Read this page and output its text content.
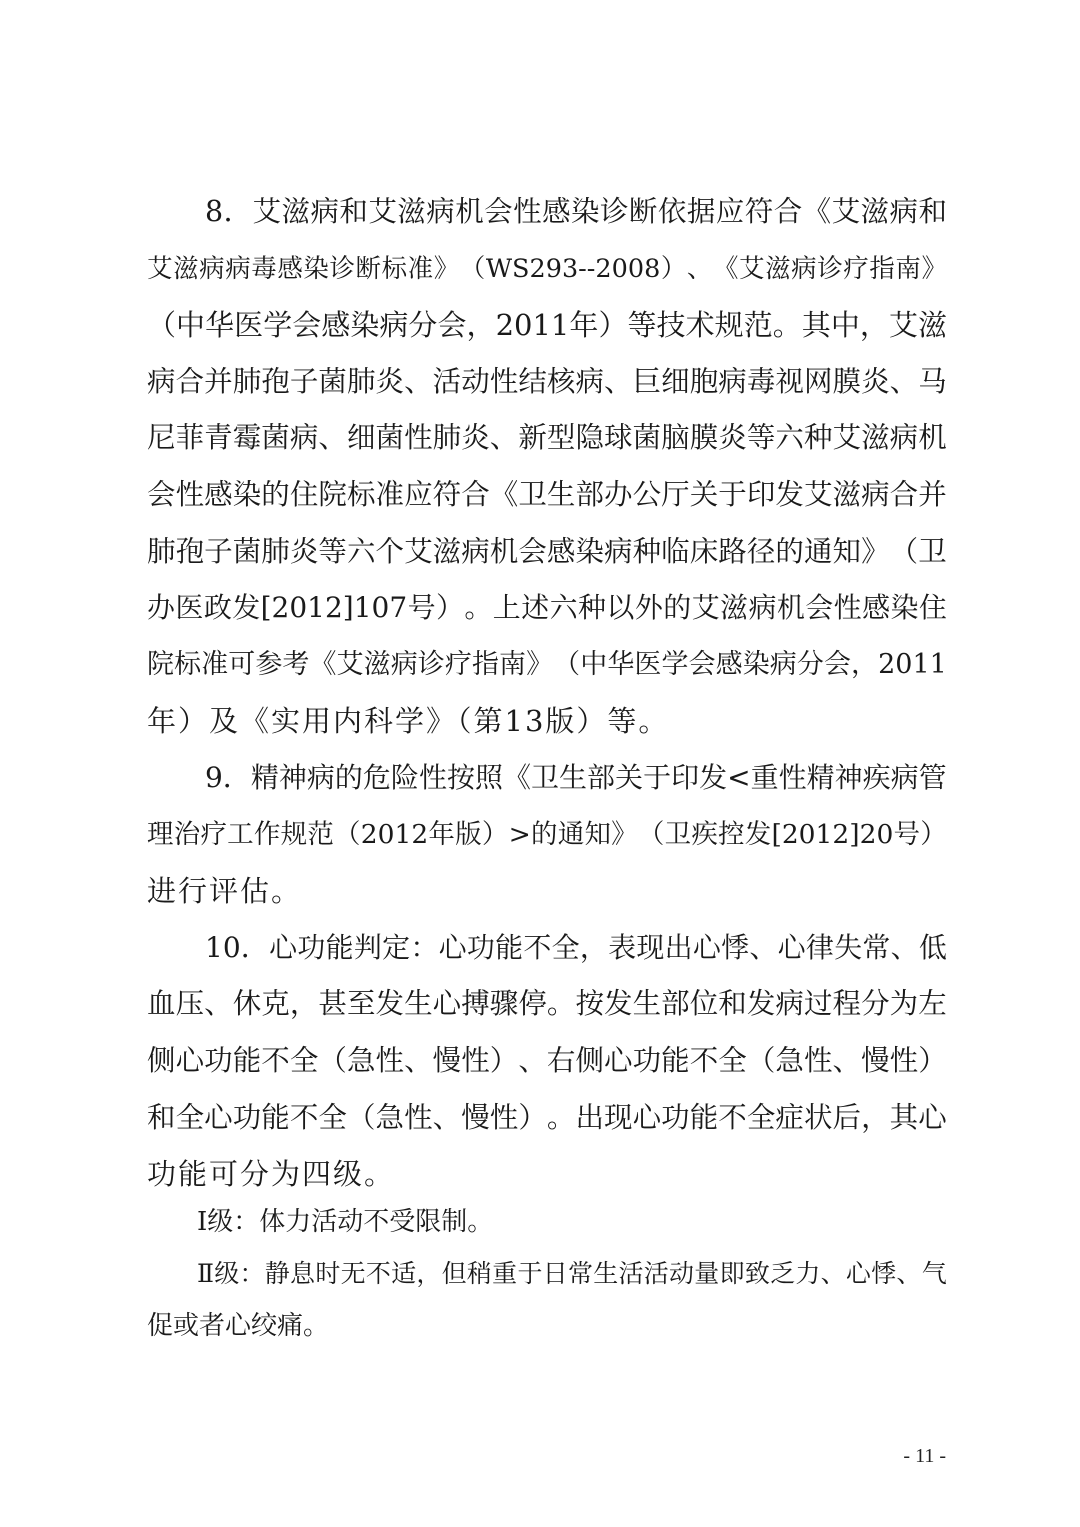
8 ． 艾 滋 病 和 艾 滋 病 机 会 性 感 染 诊 断 依 据 应 符 合 《 艾 滋 病 和
艾 滋 病 病 毒 感 染 诊 断 标 准 》 （ WS293--2008 ） 、 《 艾 滋 病 诊 疗 指 南 》
（ 中 华 医 学 会 感 染 病 分 会 ， 2011 年 ） 等 技 术 规 范 。 其 中 ， 艾 滋
病 合 并 肺 孢 子 菌 肺 炎 、 活 动 性 结 核 病 、 巨 细 胞 病 毒 视 网 膜 炎 、 马
尼 菲 青 霉 菌 病 、 细 菌 性 肺 炎 、 新 型 隐 球 菌 脑 膜 炎 等 六 种 艾 滋 病 机
会 性 感 染 的 住 院 标 准 应 符 合 《 卫 生 部 办 公 厅 关 于 印 发 艾 滋 病 合 并
肺 孢 子 菌 肺 炎 等 六 个 艾 滋 病 机 会 感 染 病 种 临 床 路 径 的 通 知 》 （ 卫
办 医 政 发 [2012]107 号 ） 。 上 述 六 种 以 外 的 艾 滋 病 机 会 性 感 染 住
院 标 准 可 参 考 《 艾 滋 病 诊 疗 指 南 》 （ 中 华 医 学 会 感 染 病 分 会 ， 2011
年）及《实用内科学》（第13版）等。
9 ． 精 神 病 的 危 险 性 按 照 《 卫 生 部 关 于 印 发 < 重 性 精 神 疾 病 管
理 治 疗 工 作 规 范 （ 2012 年 版 ） > 的 通 知 》 （ 卫 疾 控 发 [2012]20 号 ）
进行评估。
10 ． 心 功 能 判 定 ： 心 功 能 不 全 ， 表 现 出 心 悸 、 心 律 失 常 、 低
血 压 、 休 克 ， 甚 至 发 生 心 搏 骤 停 。 按 发 生 部 位 和 发 病 过 程 分 为 左
侧 心 功 能 不 全 （ 急 性 、 慢 性 ） 、 右 侧 心 功 能 不 全 （ 急 性 、 慢 性 ）
和 全 心 功 能 不 全 （ 急 性 、 慢 性 ） 。 出 现 心 功 能 不 全 症 状 后 ， 其 心
功能可分为四级。
Ⅰ级：体力活动不受限制。
Ⅱ 级 ： 静 息 时 无 不 适 ， 但 稍 重 于 日 常 生 活 活 动 量 即 致 乏 力 、 心 悸 、 气
促或者心绞痛。
- 11 -
